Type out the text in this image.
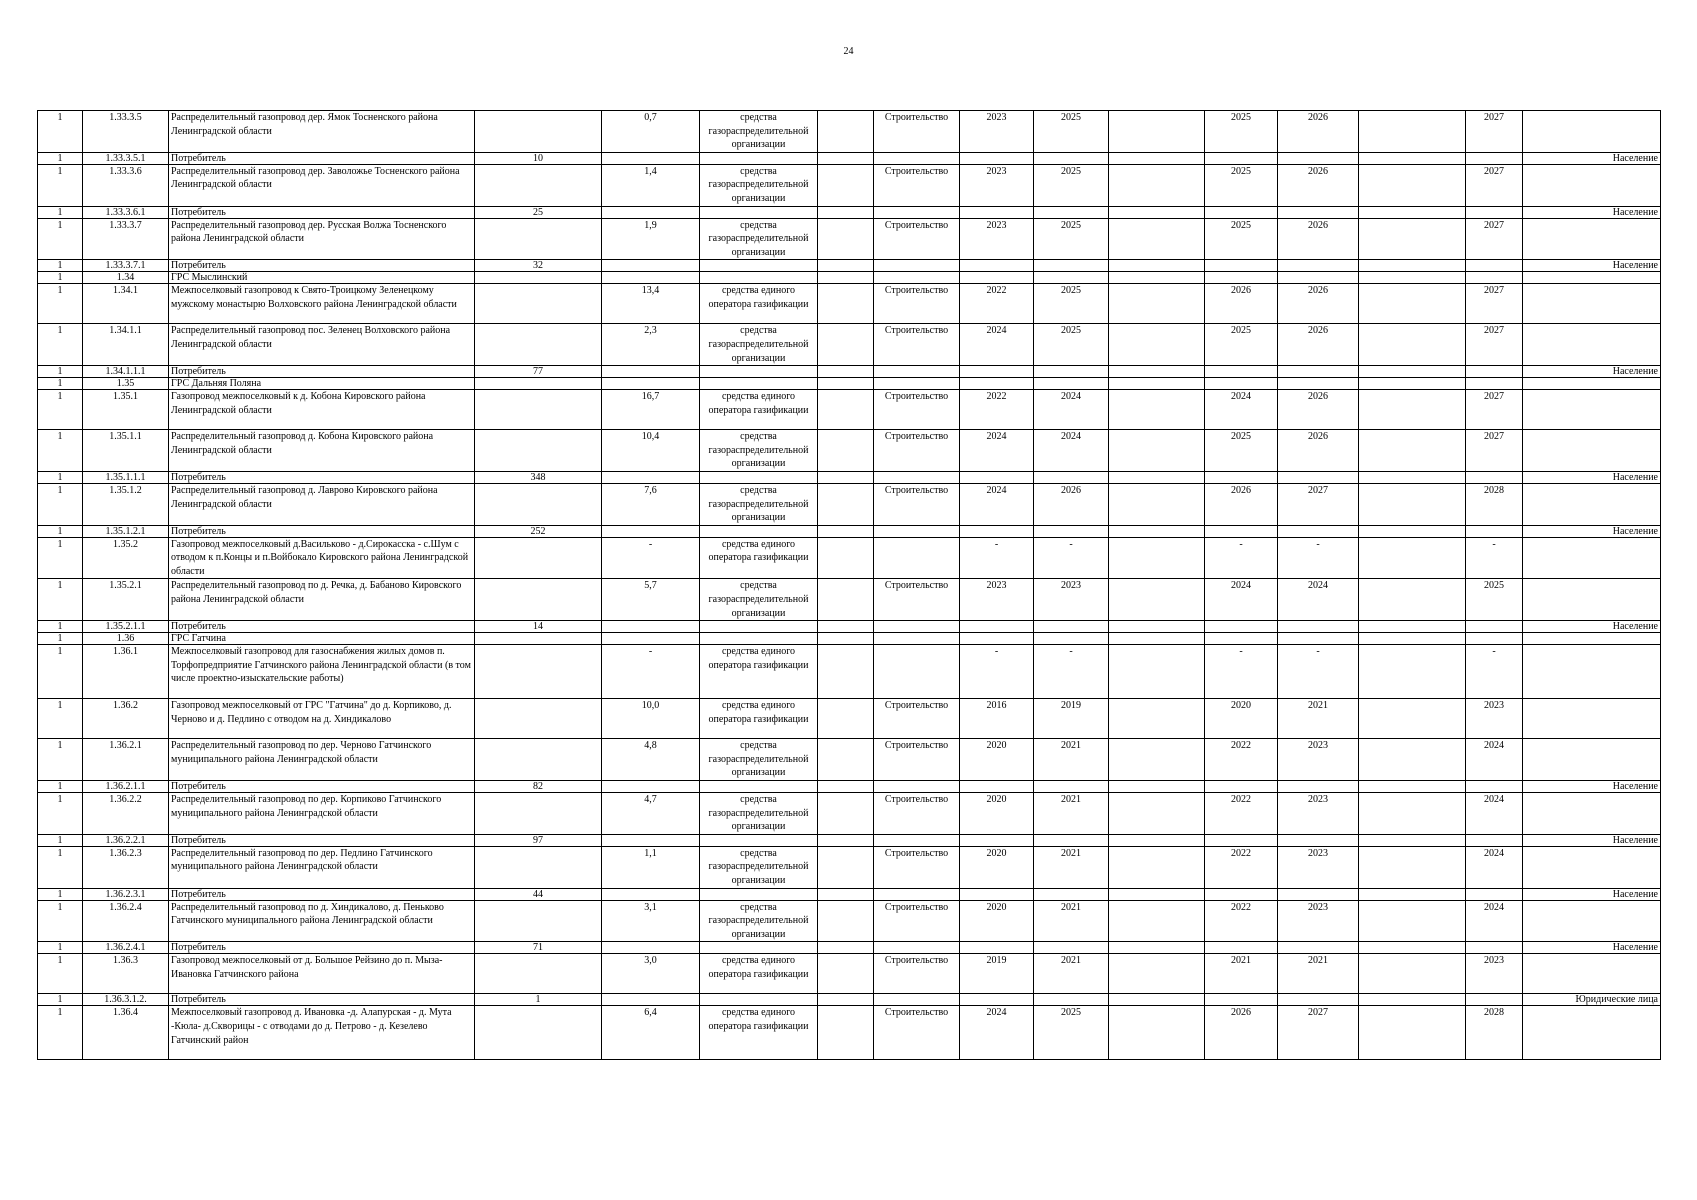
24
1	1.33.3.5	Распределительный газопровод дер. Ямок Тосненского района Ленинградской области		0,7	средства газораспределительной организации		Строительство	2023	2025		2025	2026		2027	
1	1.33.3.5.1	Потребитель	10												Население
1	1.33.3.6	Распределительный газопровод дер. Заволожье Тосненского района Ленинградской области		1,4	средства газораспределительной организации		Строительство	2023	2025		2025	2026		2027	
1	1.33.3.6.1	Потребитель	25												Население
1	1.33.3.7	Распределительный газопровод дер. Русская Волжа Тосненского района Ленинградской области		1,9	средства газораспределительной организации		Строительство	2023	2025		2025	2026		2027	
1	1.33.3.7.1	Потребитель	32												Население
1	1.34	ГРС Мыслинский													
1	1.34.1	Межпоселковый газопровод к Свято-Троицкому Зеленецкому мужскому монастырю Волховского района Ленинградской области		13,4	средства единого оператора газификации		Строительство	2022	2025		2026	2026		2027	
1	1.34.1.1	Распределительный газопровод пос. Зеленец Волховского района Ленинградской области		2,3	средства газораспределительной организации		Строительство	2024	2025		2025	2026		2027	
1	1.34.1.1.1	Потребитель	77												Население
1	1.35	ГРС Дальняя Поляна													
1	1.35.1	Газопровод межпоселковый к д. Кобона Кировского района Ленинградской области		16,7	средства единого оператора газификации		Строительство	2022	2024		2024	2026		2027	
1	1.35.1.1	Распределительный газопровод д. Кобона Кировского района Ленинградской области		10,4	средства газораспределительной организации		Строительство	2024	2024		2025	2026		2027	
1	1.35.1.1.1	Потребитель	348												Население
1	1.35.1.2	Распределительный газопровод д. Лаврово Кировского района Ленинградской области		7,6	средства газораспределительной организации		Строительство	2024	2026		2026	2027		2028	
1	1.35.1.2.1	Потребитель	252												Население
1	1.35.2	Газопровод межпоселковый д.Васильково - д.Сирокасска - с.Шум с отводом к п.Концы и п.Войбокало Кировского района Ленинградской области		-	средства единого оператора газификации			-	-		-	-		-	
1	1.35.2.1	Распределительный газопровод по д. Речка, д. Бабаново Кировского района Ленинградской области		5,7	средства газораспределительной организации		Строительство	2023	2023		2024	2024		2025	
1	1.35.2.1.1	Потребитель	14												Население
1	1.36	ГРС Гатчина													
1	1.36.1	Межпоселковый газопровод для газоснабжения жилых домов п. Торфопредприятие Гатчинского района Ленинградской области (в том числе проектно-изыскательские работы)		-	средства единого оператора газификации			-	-		-	-		-	
1	1.36.2	Газопровод межпоселковый от ГРС "Гатчина" до д. Корпиково, д. Черново и д. Педлино с отводом на д. Хиндикалово		10,0	средства единого оператора газификации		Строительство	2016	2019		2020	2021		2023	
1	1.36.2.1	Распределительный газопровод по дер. Черново Гатчинского муниципального района Ленинградской области		4,8	средства газораспределительной организации		Строительство	2020	2021		2022	2023		2024	
1	1.36.2.1.1	Потребитель	82												Население
1	1.36.2.2	Распределительный газопровод по дер. Корпиково Гатчинского муниципального района Ленинградской области		4,7	средства газораспределительной организации		Строительство	2020	2021		2022	2023		2024	
1	1.36.2.2.1	Потребитель	97												Население
1	1.36.2.3	Распределительный газопровод по дер. Педлино Гатчинского муниципального района Ленинградской области		1,1	средства газораспределительной организации		Строительство	2020	2021		2022	2023		2024	
1	1.36.2.3.1	Потребитель	44												Население
1	1.36.2.4	Распределительный газопровод по д. Хиндикалово, д. Пеньково Гатчинского муниципального района Ленинградской области		3,1	средства газораспределительной организации		Строительство	2020	2021		2022	2023		2024	
1	1.36.2.4.1	Потребитель	71												Население
1	1.36.3	Газопровод межпоселковый от д. Большое Рейзино до п. Мыза-Ивановка Гатчинского района		3,0	средства единого оператора газификации		Строительство	2019	2021		2021	2021		2023	
1	1.36.3.1.2.	Потребитель	1												Юридические лица
1	1.36.4	Межпоселковый газопровод д. Ивановка -д. Алапурская - д. Мута -Кюла- д.Скворицы - с отводами до д. Петрово - д. Кезелево Гатчинский район		6,4	средства единого оператора газификации		Строительство	2024	2025		2026	2027		2028	
